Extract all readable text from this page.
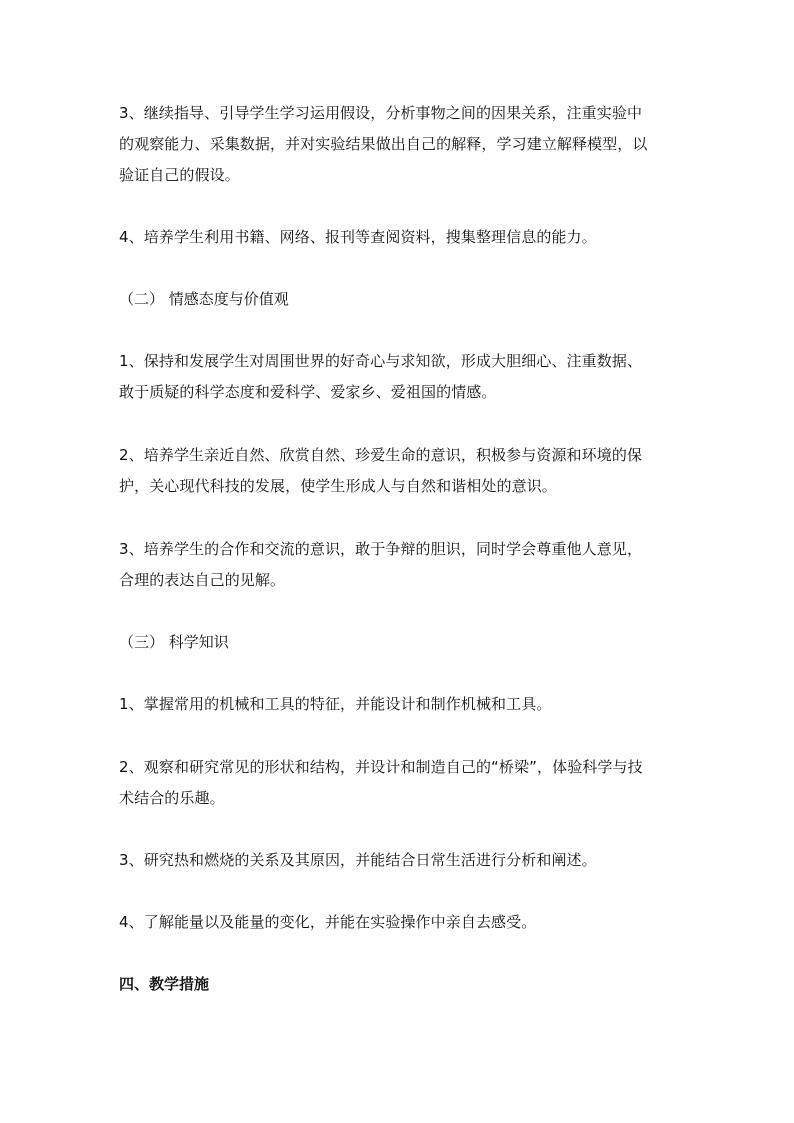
3、继续指导、引导学生学习运用假设，分析事物之间的因果关系，注重实验中
的观察能力、采集数据，并对实验结果做出自己的解释，学习建立解释模型，以
验证自己的假设。
4、培养学生利用书籍、网络、报刊等查阅资料，搜集整理信息的能力。
（二） 情感态度与价值观
1、保持和发展学生对周围世界的好奇心与求知欲，形成大胆细心、注重数据、
敢于质疑的科学态度和爱科学、爱家乡、爱祖国的情感。
2、培养学生亲近自然、欣赏自然、珍爱生命的意识，积极参与资源和环境的保
护，关心现代科技的发展，使学生形成人与自然和谐相处的意识。
3、培养学生的合作和交流的意识，敢于争辩的胆识，同时学会尊重他人意见，
合理的表达自己的见解。
（三） 科学知识
1、掌握常用的机械和工具的特征，并能设计和制作机械和工具。
2、观察和研究常见的形状和结构，并设计和制造自己的“桥梁”，体验科学与技
术结合的乐趣。
3、研究热和燃烧的关系及其原因，并能结合日常生活进行分析和阐述。
4、了解能量以及能量的变化，并能在实验操作中亲自去感受。
四、教学措施
